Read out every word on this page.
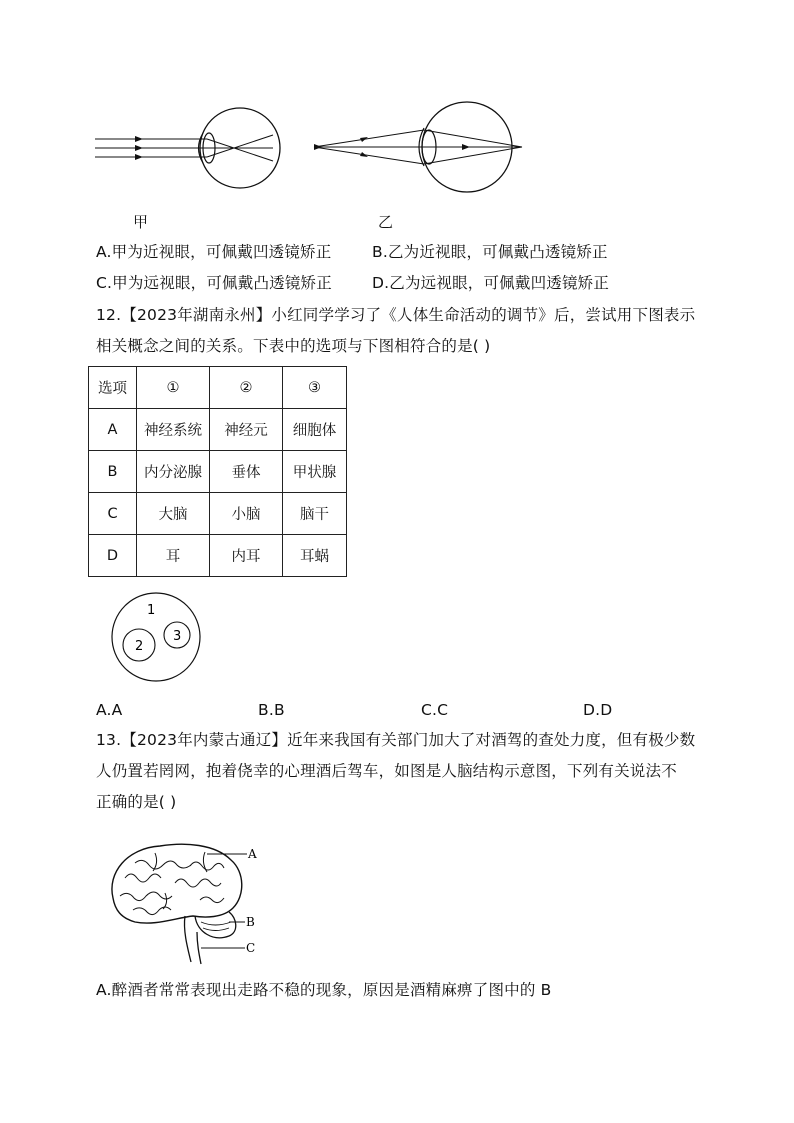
甲	乙
A.甲为近视眼，可佩戴凹透镜矫正	B.乙为近视眼，可佩戴凸透镜矫正
C.甲为远视眼，可佩戴凸透镜矫正	D.乙为远视眼，可佩戴凹透镜矫正
12.【2023年湖南永州】小红同学学习了《人体生命活动的调节》后，尝试用下图表示
相关概念之间的关系。下表中的选项与下图相符合的是( )
选项	①	②	③
A	神经系统	神经元	细胞体
B	内分泌腺	垂体	甲状腺
C	大脑	小脑	脑干
D	耳	内耳	耳蜗
1
2
3
A.A	B.B	C.C	D.D
13.【2023年内蒙古通辽】近年来我国有关部门加大了对酒驾的查处力度，但有极少数
人仍置若罔网，抱着侥幸的心理酒后驾车，如图是人脑结构示意图，下列有关说法不
正确的是( )
A
B
C
A.醉酒者常常表现出走路不稳的现象，原因是酒精麻痹了图中的 B
